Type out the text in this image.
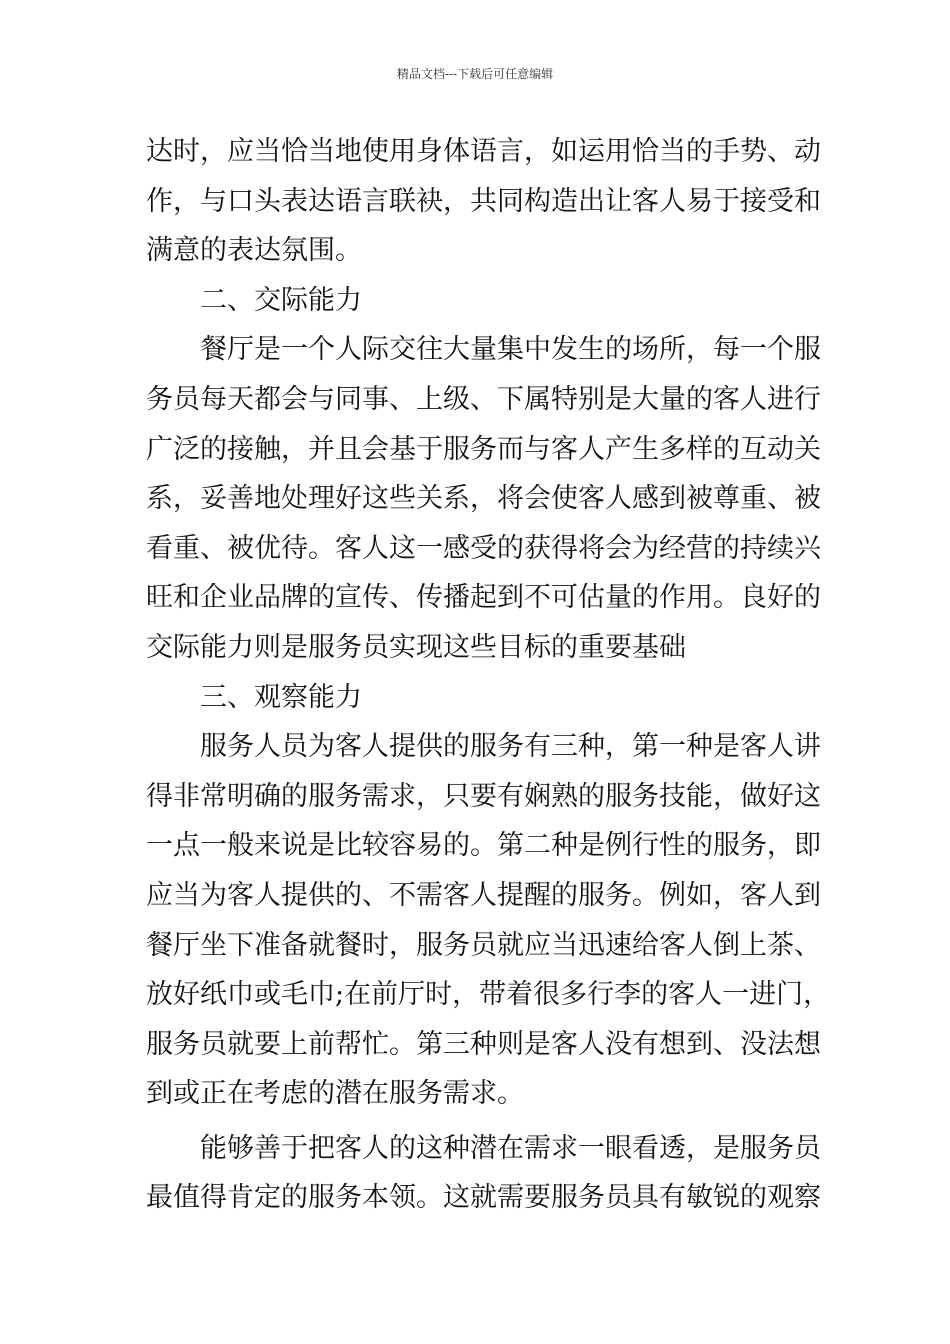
精品文档---下载后可任意编辑
达时，应当恰当地使用身体语言，如运用恰当的手势、动
作，与口头表达语言联袂，共同构造出让客人易于接受和
满意的表达氛围。
二、交际能力
餐厅是一个人际交往大量集中发生的场所，每一个服
务员每天都会与同事、上级、下属特别是大量的客人进行
广泛的接触，并且会基于服务而与客人产生多样的互动关
系，妥善地处理好这些关系，将会使客人感到被尊重、被
看重、被优待。客人这一感受的获得将会为经营的持续兴
旺和企业品牌的宣传、传播起到不可估量的作用。良好的
交际能力则是服务员实现这些目标的重要基础
三、观察能力
服务人员为客人提供的服务有三种，第一种是客人讲
得非常明确的服务需求，只要有娴熟的服务技能，做好这
一点一般来说是比较容易的。第二种是例行性的服务，即
应当为客人提供的、不需客人提醒的服务。例如，客人到
餐厅坐下准备就餐时，服务员就应当迅速给客人倒上茶、
放好纸巾或毛巾;在前厅时，带着很多行李的客人一进门，
服务员就要上前帮忙。第三种则是客人没有想到、没法想
到或正在考虑的潜在服务需求。
能够善于把客人的这种潜在需求一眼看透，是服务员
最值得肯定的服务本领。这就需要服务员具有敏锐的观察
